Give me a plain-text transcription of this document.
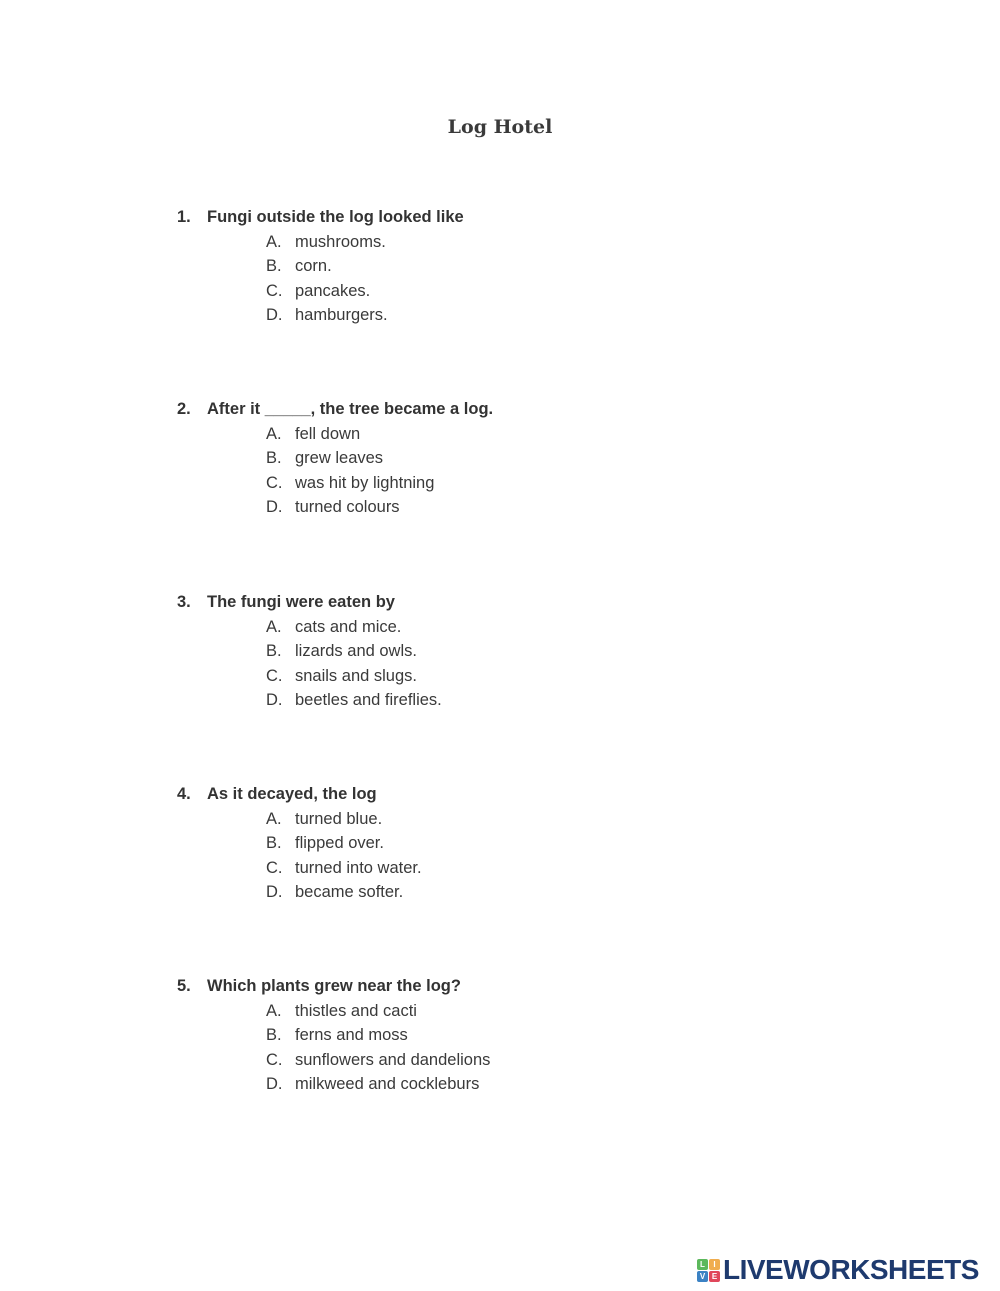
Log Hotel
1. Fungi outside the log looked like
A. mushrooms.
B. corn.
C. pancakes.
D. hamburgers.
2. After it _____, the tree became a log.
A. fell down
B. grew leaves
C. was hit by lightning
D. turned colours
3. The fungi were eaten by
A. cats and mice.
B. lizards and owls.
C. snails and slugs.
D. beetles and fireflies.
4. As it decayed, the log
A. turned blue.
B. flipped over.
C. turned into water.
D. became softer.
5. Which plants grew near the log?
A. thistles and cacti
B. ferns and moss
C. sunflowers and dandelions
D. milkweed and cockleburs
L	I
V E LIVEWORKSHEETS
